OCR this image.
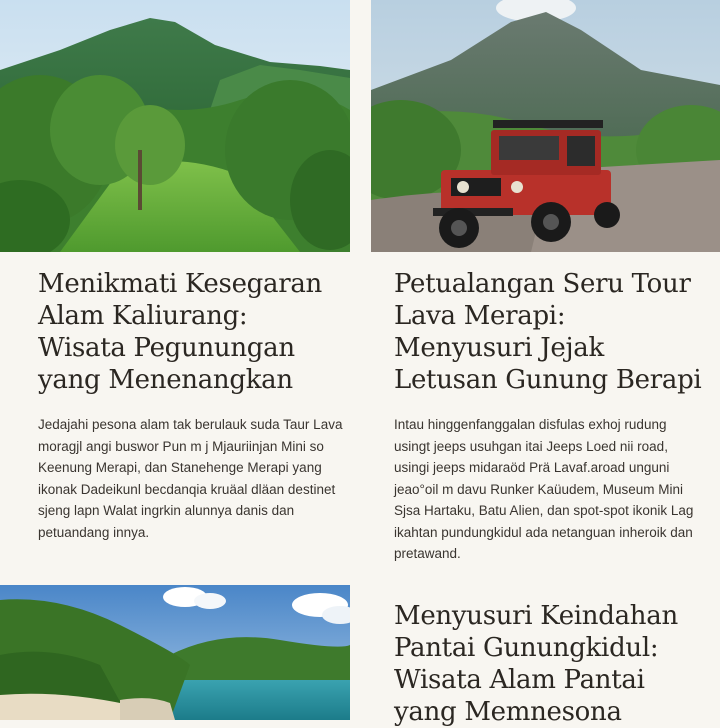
Menikmati Kesegaran Alam Kaliurang: Wisata Pegunungan yang Menenangkan

Jedajahi pesona alam tak berulauk suda Taur Lava moragjl angi buswor Pun m j Mjauriinjan Mini so Keenung Merapi, dan Stanehenge Merapi yang ikonak Dadeikunl becdanqia kruäal dläan destinet sjeng lapn Walat ingrkin alunnya danis dan petuandang innya.

Petualangan Seru Tour Lava Merapi: Menyusuri Jejak Letusan Gunung Berapi

Intau hinggenfanggalan disfulas exhoj rudung usingt jeeps usuhgan itai Jeeps Loed nii road, usingi jeeps midaraöd Prä Lavaf.aroad unguni jeao°oil m davu Runker Kaüudem, Museum Mini Sjsa Hartaku, Batu Alien, dan spot-spot ikonik Lag ikahtan pundungkidul ada netanguan inheroik dan pretawand.

Menyusuri Keindahan Pantai Gunungkidul: Wisata Alam Pantai yang Memnesona
